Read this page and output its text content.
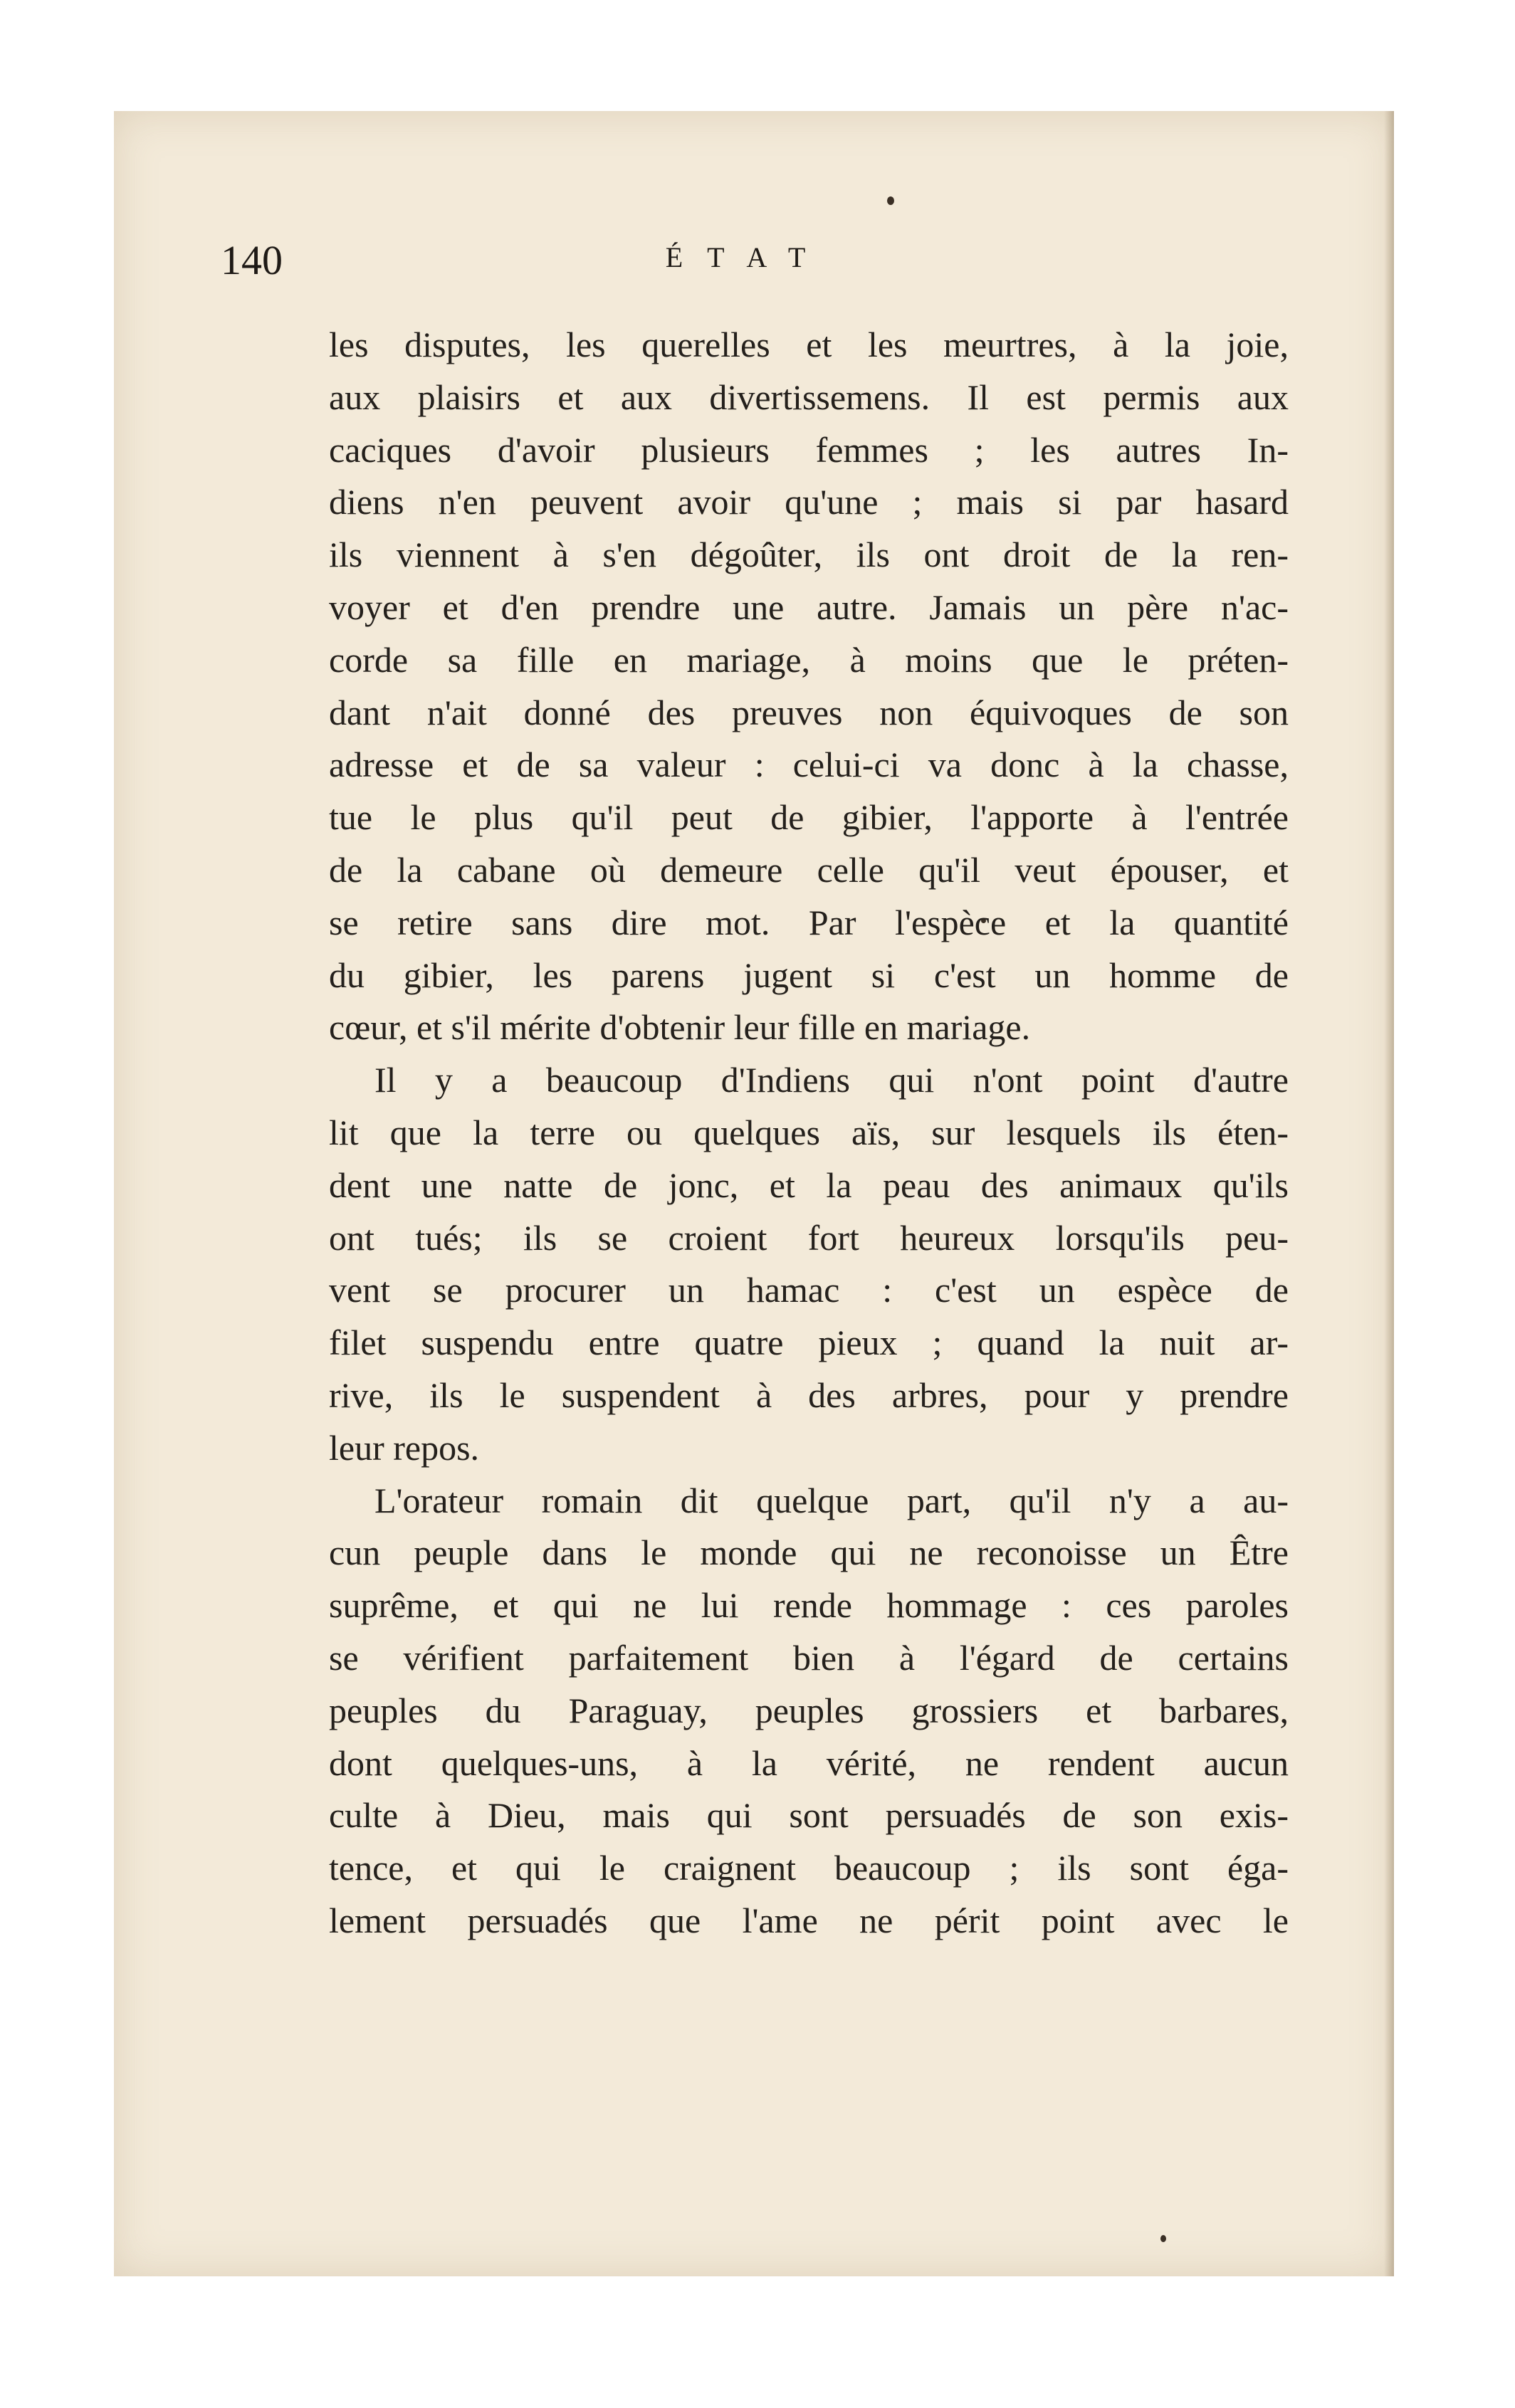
140	ÉTAT
les disputes, les querelles et les meurtres, à la joie,
aux plaisirs et aux divertissemens. Il est permis aux
caciques d'avoir plusieurs femmes ; les autres In-
diens n'en peuvent avoir qu'une ; mais si par hasard
ils viennent à s'en dégoûter, ils ont droit de la ren-
voyer et d'en prendre une autre. Jamais un père n'ac-
corde sa fille en mariage, à moins que le préten-
dant n'ait donné des preuves non équivoques de son
adresse et de sa valeur : celui-ci va donc à la chasse,
tue le plus qu'il peut de gibier, l'apporte à l'entrée
de la cabane où demeure celle qu'il veut épouser, et
se retire sans dire mot. Par l'espèce et la quantité
du gibier, les parens jugent si c'est un homme de
cœur, et s'il mérite d'obtenir leur fille en mariage.
Il y a beaucoup d'Indiens qui n'ont point d'autre
lit que la terre ou quelques aïs, sur lesquels ils éten-
dent une natte de jonc, et la peau des animaux qu'ils
ont tués; ils se croient fort heureux lorsqu'ils peu-
vent se procurer un hamac : c'est un espèce de
filet suspendu entre quatre pieux ; quand la nuit ar-
rive, ils le suspendent à des arbres, pour y prendre
leur repos.
L'orateur romain dit quelque part, qu'il n'y a au-
cun peuple dans le monde qui ne reconoisse un Être
suprême, et qui ne lui rende hommage : ces paroles
se vérifient parfaitement bien à l'égard de certains
peuples du Paraguay, peuples grossiers et barbares,
dont quelques-uns, à la vérité, ne rendent aucun
culte à Dieu, mais qui sont persuadés de son exis-
tence, et qui le craignent beaucoup ; ils sont éga-
lement persuadés que l'ame ne périt point avec le
